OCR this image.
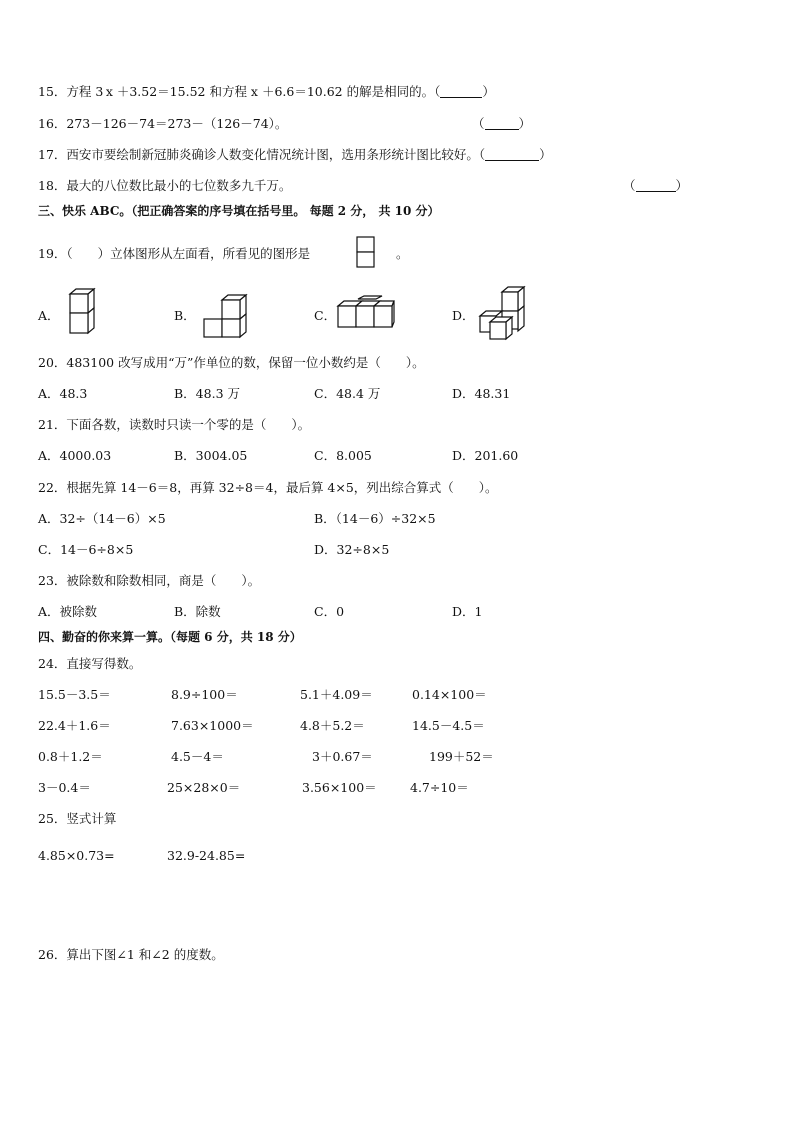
15．方程 3 x ＋3.52＝15.52 和方程 x ＋6.6＝10.62 的解是相同的。（	）
16．273－126－74＝273－（126－74）。	（	）
17．西安市要绘制新冠肺炎确诊人数变化情况统计图，选用条形统计图比较好。（	）
18．最大的八位数比最小的七位数多九千万。	（	）
三、快乐 ABC。（把正确答案的序号填在括号里。 每题 2 分， 共 10 分）
19．（　　）立体图形从左面看，所看见的图形是	。
A．	B．	C．	D．
20．483100 改写成用“万”作单位的数，保留一位小数约是（　　）。
A．48.3	B．48.3 万	C．48.4 万	D．48.31
21．下面各数，读数时只读一个零的是（　　）。
A．4000.03	B．3004.05	C．8.005	D．201.60
22．根据先算 14－6＝8，再算 32÷8＝4，最后算 4×5，列出综合算式（　　）。
A．32÷（14－6）×5	B．（14－6）÷32×5
C．14－6÷8×5	D．32÷8×5
23．被除数和除数相同，商是（　　）。
A．被除数	B．除数	C．0	D．1
四、勤奋的你来算一算。（每题 6 分，共 18 分）
24．直接写得数。
15.5－3.5＝	8.9÷100＝	5.1＋4.09＝	0.14×100＝
22.4＋1.6＝	7.63×1000＝	4.8＋5.2＝	14.5－4.5＝
0.8＋1.2＝	4.5－4＝	3＋0.67＝	199＋52＝
3－0.4＝	25×28×0＝	3.56×100＝	4.7÷10＝
25．竖式计算
4.85×0.73=	32.9-24.85=
26．算出下图∠1 和∠2 的度数。
